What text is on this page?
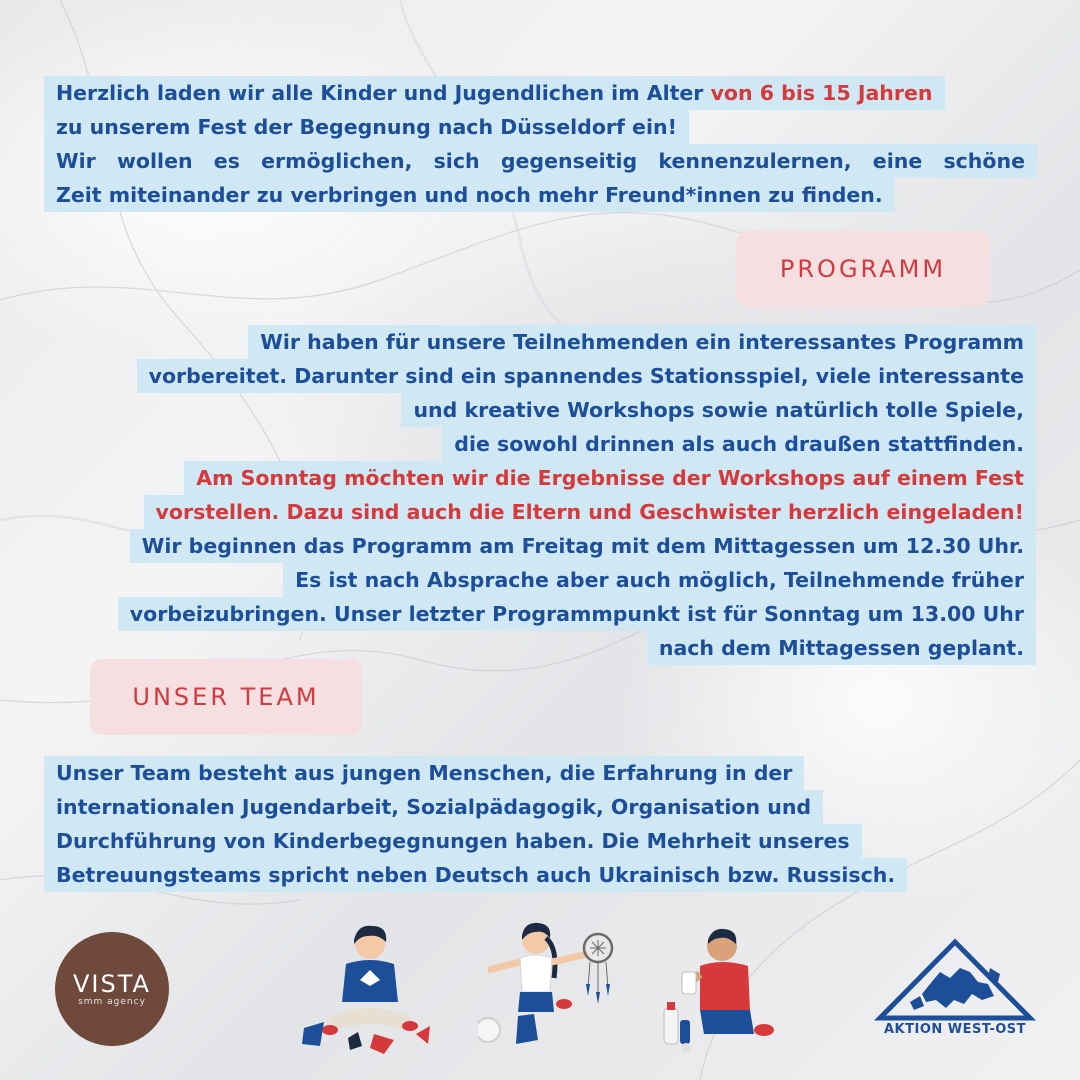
Herzlich laden wir alle Kinder und Jugendlichen im Alter von 6 bis 15 Jahren
zu unserem Fest der Begegnung nach Düsseldorf ein!
Wir wollen es ermöglichen, sich gegenseitig kennenzulernen, eine schöne
Zeit miteinander zu verbringen und noch mehr Freund*innen zu finden.
PROGRAMM
Wir haben für unsere Teilnehmenden ein interessantes Programm
vorbereitet. Darunter sind ein spannendes Stationsspiel, viele interessante
und kreative Workshops sowie natürlich tolle Spiele,
die sowohl drinnen als auch draußen stattfinden.
Am Sonntag möchten wir die Ergebnisse der Workshops auf einem Fest
vorstellen. Dazu sind auch die Eltern und Geschwister herzlich eingeladen!
Wir beginnen das Programm am Freitag mit dem Mittagessen um 12.30 Uhr.
Es ist nach Absprache aber auch möglich, Teilnehmende früher
vorbeizubringen. Unser letzter Programmpunkt ist für Sonntag um 13.00 Uhr
nach dem Mittagessen geplant.
UNSER TEAM
Unser Team besteht aus jungen Menschen, die Erfahrung in der
internationalen Jugendarbeit, Sozialpädagogik, Organisation und
Durchführung von Kinderbegegnungen haben. Die Mehrheit unseres
Betreuungsteams spricht neben Deutsch auch Ukrainisch bzw. Russisch.
VISTA
smm agency
AKTION WEST-OST
